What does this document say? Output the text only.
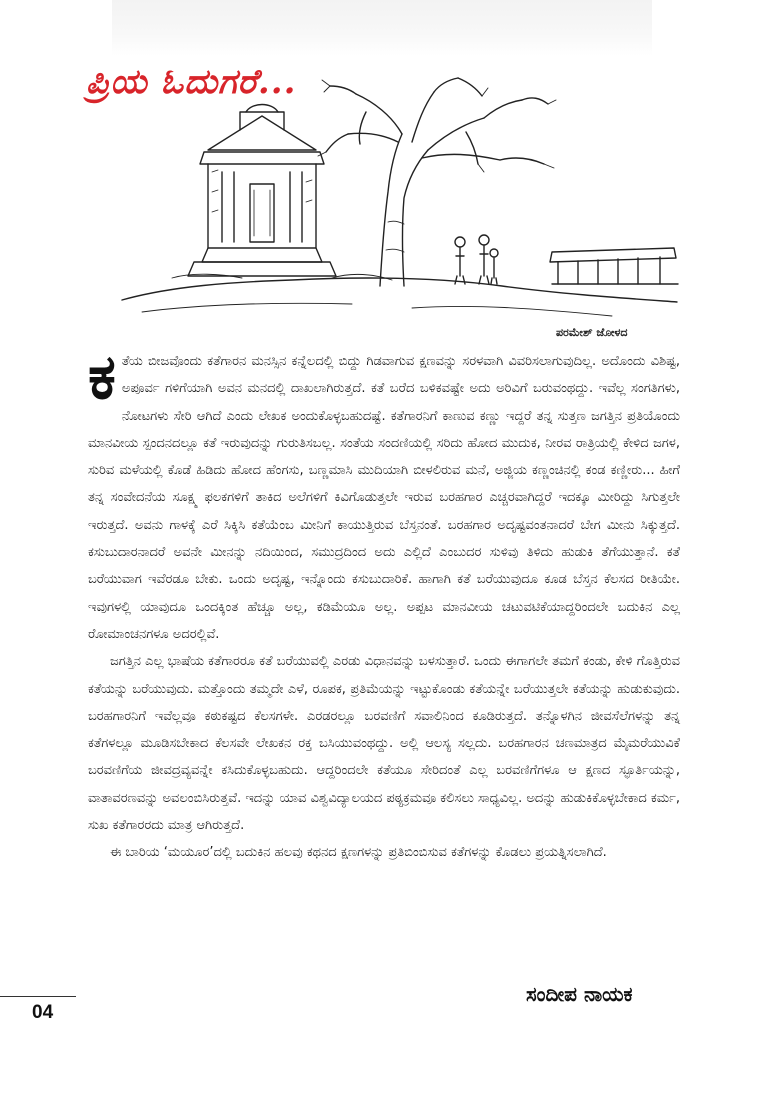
ಪ್ರಿಯ ಓದುಗರೆ...
ಪರಮೇಶ್ ಜೋಳದ

ಕತೆಯ ಬೀಜವೊಂದು ಕತೆಗಾರನ ಮನಸ್ಸಿನ ಕನ್ನೆಲದಲ್ಲಿ ಬಿದ್ದು ಗಿಡವಾಗುವ ಕ್ಷಣವನ್ನು ಸರಳವಾಗಿ ವಿವರಿಸಲಾಗುವುದಿಲ್ಲ. ಅದೊಂದು ವಿಶಿಷ್ಟ, ಅಪೂರ್ವ ಗಳಿಗೆಯಾಗಿ ಅವನ ಮನದಲ್ಲಿ ದಾಖಲಾಗಿರುತ್ತದೆ. ಕತೆ ಬರೆದ ಬಳಿಕವಷ್ಟೇ ಅದು ಅರಿವಿಗೆ ಬರುವಂಥದ್ದು. ಇವೆಲ್ಲ ಸಂಗತಿಗಳು, ನೋಟಗಳು ಸೇರಿ ಆಗಿದೆ ಎಂದು ಲೇಖಕ ಅಂದುಕೊಳ್ಳಬಹುದಷ್ಟೆ. ಕತೆಗಾರನಿಗೆ ಕಾಣುವ ಕಣ್ಣು ಇದ್ದರೆ ತನ್ನ ಸುತ್ತಣ ಜಗತ್ತಿನ ಪ್ರತಿಯೊಂದು ಮಾನವೀಯ ಸ್ಪಂದನದಲ್ಲೂ ಕತೆ ಇರುವುದನ್ನು ಗುರುತಿಸಬಲ್ಲ. ಸಂತೆಯ ಸಂದಣಿಯಲ್ಲಿ ಸರಿದು ಹೋದ ಮುದುಕ, ನೀರವ ರಾತ್ರಿಯಲ್ಲಿ ಕೇಳಿದ ಜಗಳ, ಸುರಿವ ಮಳೆಯಲ್ಲಿ ಕೊಡೆ ಹಿಡಿದು ಹೋದ ಹೆಂಗಸು, ಬಣ್ಣಮಾಸಿ ಮುದಿಯಾಗಿ ಬೀಳಲಿರುವ ಮನೆ, ಅಜ್ಜಿಯ ಕಣ್ಣಂಚಿನಲ್ಲಿ ಕಂಡ ಕಣ್ಣೀರು... ಹೀಗೆ ತನ್ನ ಸಂವೇದನೆಯ ಸೂಕ್ಷ್ಮ ಫಲಕಗಳಿಗೆ ತಾಕಿದ ಅಲೆಗಳಿಗೆ ಕಿವಿಗೊಡುತ್ತಲೇ ಇರುವ ಬರಹಗಾರ ಎಚ್ಚರವಾಗಿದ್ದರೆ ಇದಕ್ಕೂ ಮೀರಿದ್ದು ಸಿಗುತ್ತಲೇ ಇರುತ್ತದೆ. ಅವನು ಗಾಳಕ್ಕೆ ಎರೆ ಸಿಕ್ಕಿಸಿ ಕತೆಯೆಂಬ ಮೀನಿಗೆ ಕಾಯುತ್ತಿರುವ ಬೆಸ್ತನಂತೆ. ಬರಹಗಾರ ಅದೃಷ್ಟವಂತನಾದರೆ ಬೇಗ ಮೀನು ಸಿಕ್ಕುತ್ತದೆ. ಕಸುಬುದಾರನಾದರೆ ಅವನೇ ಮೀನನ್ನು ನದಿಯಿಂದ, ಸಮುದ್ರದಿಂದ ಅದು ಎಲ್ಲಿದೆ ಎಂಬುದರ ಸುಳಿವು ತಿಳಿದು ಹುಡುಕಿ ತೆಗೆಯುತ್ತಾನೆ. ಕತೆ ಬರೆಯುವಾಗ ಇವೆರಡೂ ಬೇಕು. ಒಂದು ಅದೃಷ್ಟ, ಇನ್ನೊಂದು ಕಸುಬುದಾರಿಕೆ. ಹಾಗಾಗಿ ಕತೆ ಬರೆಯುವುದೂ ಕೂಡ ಬೆಸ್ತನ ಕೆಲಸದ ರೀತಿಯೇ. ಇವುಗಳಲ್ಲಿ ಯಾವುದೂ ಒಂದಕ್ಕಿಂತ ಹೆಚ್ಚೂ ಅಲ್ಲ, ಕಡಿಮೆಯೂ ಅಲ್ಲ. ಅಪ್ಪಟ ಮಾನವೀಯ ಚಟುವಟಿಕೆಯಾದ್ದರಿಂದಲೇ ಬದುಕಿನ ಎಲ್ಲ ರೋಮಾಂಚನಗಳೂ ಅದರಲ್ಲಿವೆ.

ಜಗತ್ತಿನ ಎಲ್ಲ ಭಾಷೆಯ ಕತೆಗಾರರೂ ಕತೆ ಬರೆಯುವಲ್ಲಿ ಎರಡು ವಿಧಾನವನ್ನು ಬಳಸುತ್ತಾರೆ. ಒಂದು ಈಗಾಗಲೇ ತಮಗೆ ಕಂಡು, ಕೇಳಿ ಗೊತ್ತಿರುವ ಕತೆಯನ್ನು ಬರೆಯುವುದು. ಮತ್ತೊಂದು ತಮ್ಮದೇ ಎಳೆ, ರೂಪಕ, ಪ್ರತಿಮೆಯನ್ನು ಇಟ್ಟುಕೊಂಡು ಕತೆಯನ್ನೇ ಬರೆಯುತ್ತಲೇ ಕತೆಯನ್ನು ಹುಡುಕುವುದು. ಬರಹಗಾರನಿಗೆ ಇವೆಲ್ಲವೂ ಕಠುಕಷ್ಟದ ಕೆಲಸಗಳೇ. ಎರಡರಲ್ಲೂ ಬರವಣಿಗೆ ಸವಾಲಿನಿಂದ ಕೂಡಿರುತ್ತದೆ. ತನ್ನೊಳಗಿನ ಜೀವಸೆಲೆಗಳನ್ನು ತನ್ನ ಕತೆಗಳಲ್ಲೂ ಮೂಡಿಸಬೇಕಾದ ಕೆಲಸವೇ ಲೇಖಕನ ರಕ್ತ ಬಸಿಯುವಂಥದ್ದು. ಅಲ್ಲಿ ಆಲಸ್ಯ ಸಲ್ಲದು. ಬರಹಗಾರನ ಚಣಮಾತ್ರದ ಮೈಮರೆಯುವಿಕೆ ಬರವಣಿಗೆಯ ಜೀವದ್ರವ್ಯವನ್ನೇ ಕಸಿದುಕೊಳ್ಳಬಹುದು. ಆದ್ದರಿಂದಲೇ ಕತೆಯೂ ಸೇರಿದಂತೆ ಎಲ್ಲ ಬರವಣಿಗೆಗಳೂ ಆ ಕ್ಷಣದ ಸ್ಫೂರ್ತಿಯನ್ನು, ವಾತಾವರಣವನ್ನು ಅವಲಂಬಿಸಿರುತ್ತವೆ. ಇದನ್ನು ಯಾವ ವಿಶ್ವವಿದ್ಯಾಲಯದ ಪಠ್ಯಕ್ರಮವೂ ಕಲಿಸಲು ಸಾಧ್ಯವಿಲ್ಲ. ಅದನ್ನು ಹುಡುಕಿಕೊಳ್ಳಬೇಕಾದ ಕರ್ಮ, ಸುಖ ಕತೆಗಾರರದು ಮಾತ್ರ ಆಗಿರುತ್ತದೆ.

ಈ ಬಾರಿಯ ‘ಮಯೂರ’ದಲ್ಲಿ ಬದುಕಿನ ಹಲವು ಕಥನದ ಕ್ಷಣಗಳನ್ನು ಪ್ರತಿಬಿಂಬಿಸುವ ಕತೆಗಳನ್ನು ಕೊಡಲು ಪ್ರಯತ್ನಿಸಲಾಗಿದೆ.

04
ಸಂದೀಪ ನಾಯಕ
